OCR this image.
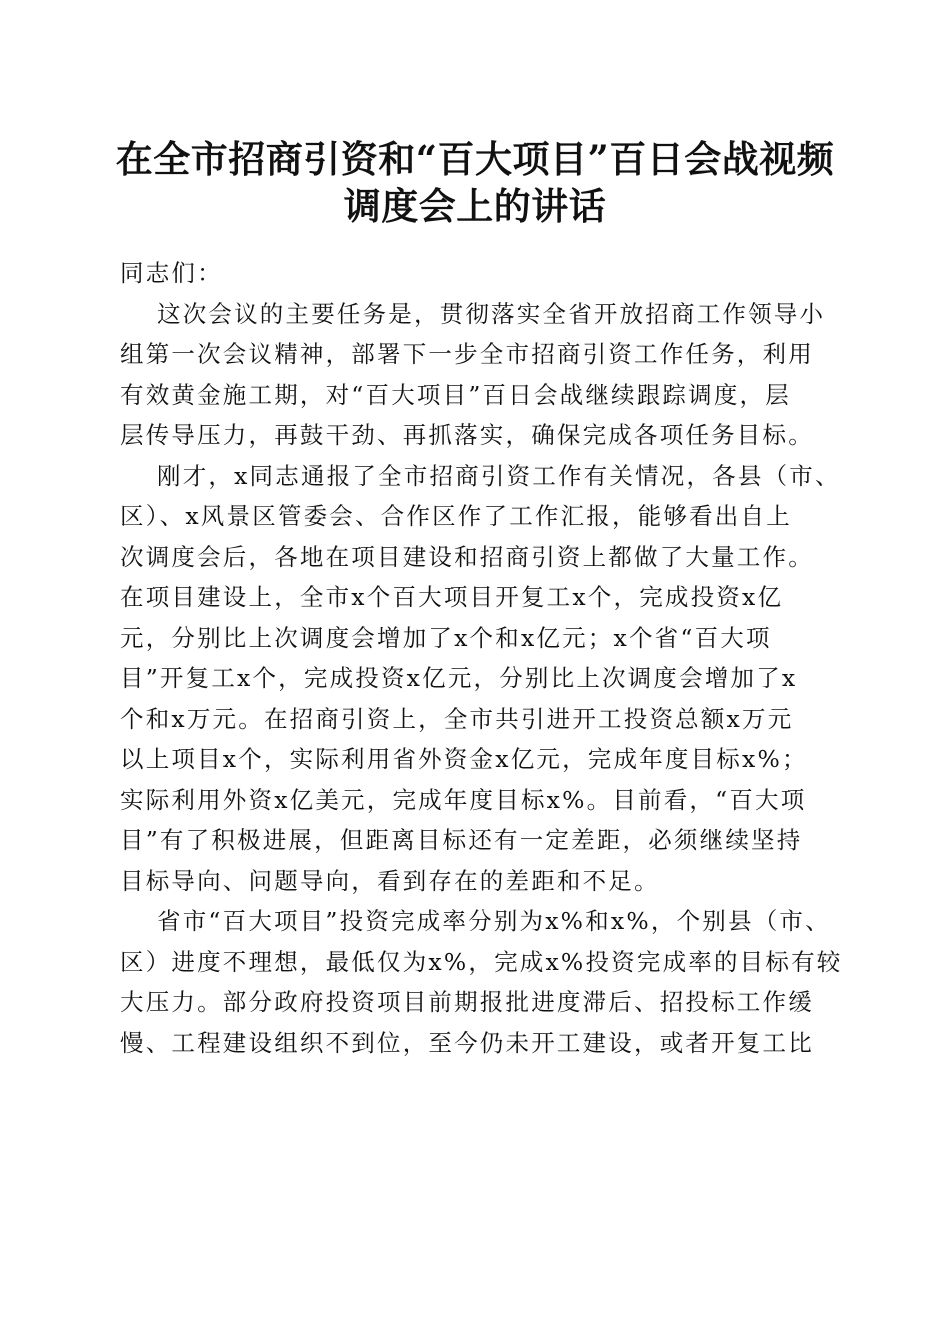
在全市招商引资和“百大项目”百日会战视频
调度会上的讲话
同志们：
这次会议的主要任务是，贯彻落实全省开放招商工作领导小
组第一次会议精神，部署下一步全市招商引资工作任务，利用
有效黄金施工期，对“百大项目”百日会战继续跟踪调度，层
层传导压力，再鼓干劲、再抓落实，确保完成各项任务目标。
刚才，x同志通报了全市招商引资工作有关情况，各县（市、
区）、x风景区管委会、合作区作了工作汇报，能够看出自上
次调度会后，各地在项目建设和招商引资上都做了大量工作。
在项目建设上，全市x个百大项目开复工x个，完成投资x亿
元，分别比上次调度会增加了x个和x亿元；x个省“百大项
目”开复工x个，完成投资x亿元，分别比上次调度会增加了x
个和x万元。在招商引资上，全市共引进开工投资总额x万元
以上项目x个，实际利用省外资金x亿元，完成年度目标x%；
实际利用外资x亿美元，完成年度目标x%。目前看，“百大项
目”有了积极进展，但距离目标还有一定差距，必须继续坚持
目标导向、问题导向，看到存在的差距和不足。
省市“百大项目”投资完成率分别为x%和x%，个别县（市、
区）进度不理想，最低仅为x%，完成x%投资完成率的目标有较
大压力。部分政府投资项目前期报批进度滞后、招投标工作缓
慢、工程建设组织不到位，至今仍未开工建设，或者开复工比
